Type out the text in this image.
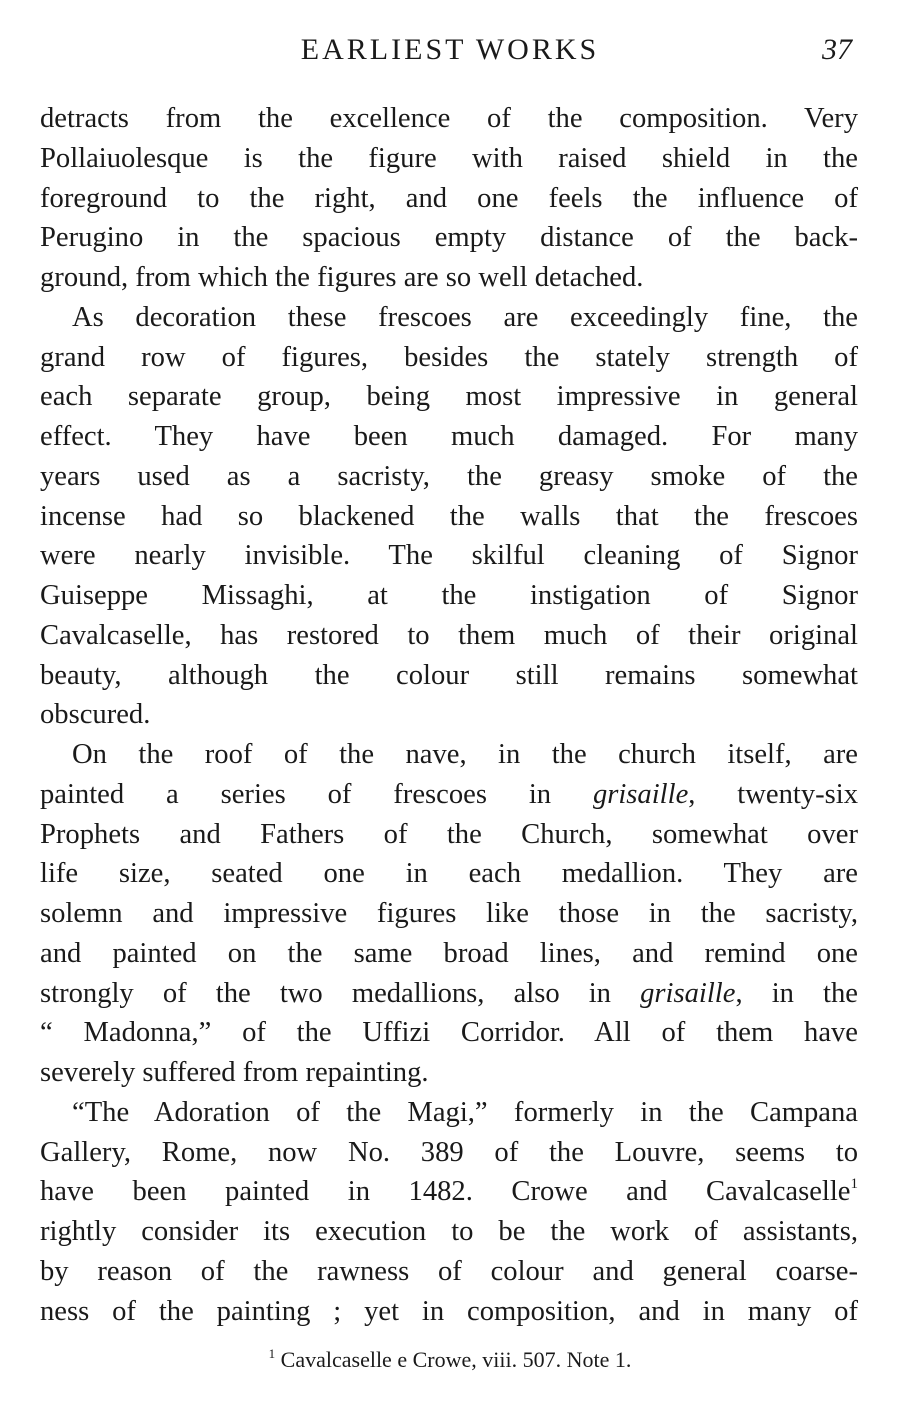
EARLIEST WORKS	37
detracts from the excellence of the composition. Very
Pollaiuolesque is the figure with raised shield in the
foreground to the right, and one feels the influence of
Perugino in the spacious empty distance of the back-
ground, from which the figures are so well detached.
As decoration these frescoes are exceedingly fine, the
grand row of figures, besides the stately strength of
each separate group, being most impressive in general
effect. They have been much damaged. For many
years used as a sacristy, the greasy smoke of the
incense had so blackened the walls that the frescoes
were nearly invisible. The skilful cleaning of Signor
Guiseppe Missaghi, at the instigation of Signor
Cavalcaselle, has restored to them much of their original
beauty, although the colour still remains somewhat
obscured.
On the roof of the nave, in the church itself, are
painted a series of frescoes in grisaille, twenty-six
Prophets and Fathers of the Church, somewhat over
life size, seated one in each medallion. They are
solemn and impressive figures like those in the sacristy,
and painted on the same broad lines, and remind one
strongly of the two medallions, also in grisaille, in the
“ Madonna,” of the Uffizi Corridor. All of them have
severely suffered from repainting.
“The Adoration of the Magi,” formerly in the Campana
Gallery, Rome, now No. 389 of the Louvre, seems to
have been painted in 1482. Crowe and Cavalcaselle$^1$
rightly consider its execution to be the work of assistants,
by reason of the rawness of colour and general coarse-
ness of the painting ; yet in composition, and in many of
$^1$ Cavalcaselle e Crowe, viii. 507. Note 1.
